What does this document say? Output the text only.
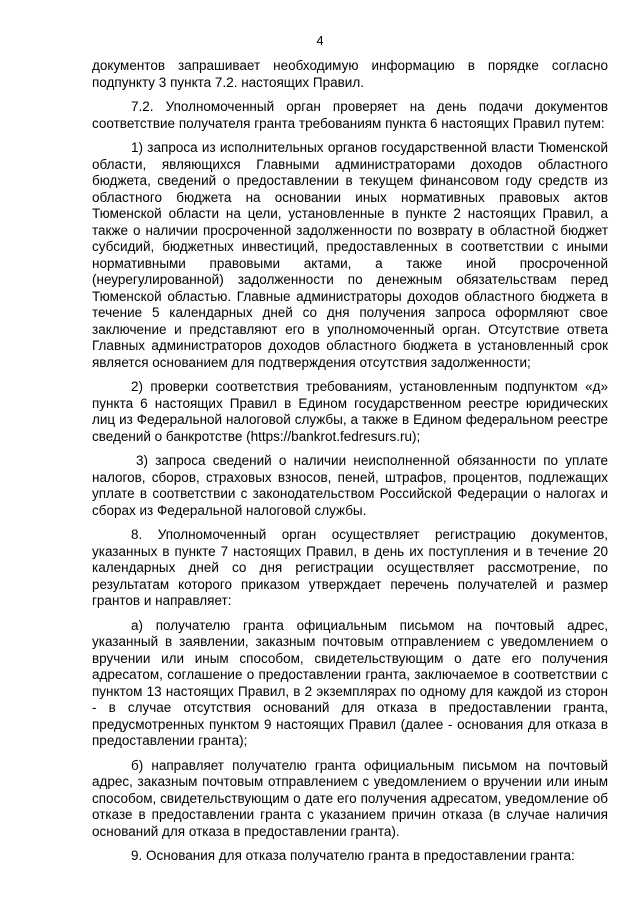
4

документов запрашивает необходимую информацию в порядке согласно подпункту 3 пункта 7.2. настоящих Правил.

7.2. Уполномоченный орган проверяет на день подачи документов соответствие получателя гранта требованиям пункта 6 настоящих Правил путем:

1) запроса из исполнительных органов государственной власти Тюменской области, являющихся Главными администраторами доходов областного бюджета, сведений о предоставлении в текущем финансовом году средств из областного бюджета на основании иных нормативных правовых актов Тюменской области на цели, установленные в пункте 2 настоящих Правил, а также о наличии просроченной задолженности по возврату в областной бюджет субсидий, бюджетных инвестиций, предоставленных в соответствии с иными нормативными правовыми актами, а также иной просроченной (неурегулированной) задолженности по денежным обязательствам перед Тюменской областью. Главные администраторы доходов областного бюджета в течение 5 календарных дней со дня получения запроса оформляют свое заключение и представляют его в уполномоченный орган. Отсутствие ответа Главных администраторов доходов областного бюджета в установленный срок является основанием для подтверждения отсутствия задолженности;

2) проверки соответствия требованиям, установленным подпунктом «д» пункта 6 настоящих Правил в Едином государственном реестре юридических лиц из Федеральной налоговой службы, а также в Едином федеральном реестре сведений о банкротстве (https://bankrot.fedresurs.ru);

3) запроса сведений о наличии неисполненной обязанности по уплате налогов, сборов, страховых взносов, пеней, штрафов, процентов, подлежащих уплате в соответствии с законодательством Российской Федерации о налогах и сборах из Федеральной налоговой службы.

8. Уполномоченный орган осуществляет регистрацию документов, указанных в пункте 7 настоящих Правил, в день их поступления и в течение 20 календарных дней со дня регистрации осуществляет рассмотрение, по результатам которого приказом утверждает перечень получателей и размер грантов и направляет:

а) получателю гранта официальным письмом на почтовый адрес, указанный в заявлении, заказным почтовым отправлением с уведомлением о вручении или иным способом, свидетельствующим о дате его получения адресатом, соглашение о предоставлении гранта, заключаемое в соответствии с пунктом 13 настоящих Правил, в 2 экземплярах по одному для каждой из сторон - в случае отсутствия оснований для отказа в предоставлении гранта, предусмотренных пунктом 9 настоящих Правил (далее - основания для отказа в предоставлении гранта);

б) направляет получателю гранта официальным письмом на почтовый адрес, заказным почтовым отправлением с уведомлением о вручении или иным способом, свидетельствующим о дате его получения адресатом, уведомление об отказе в предоставлении гранта с указанием причин отказа (в случае наличия оснований для отказа в предоставлении гранта).

9. Основания для отказа получателю гранта в предоставлении гранта:
